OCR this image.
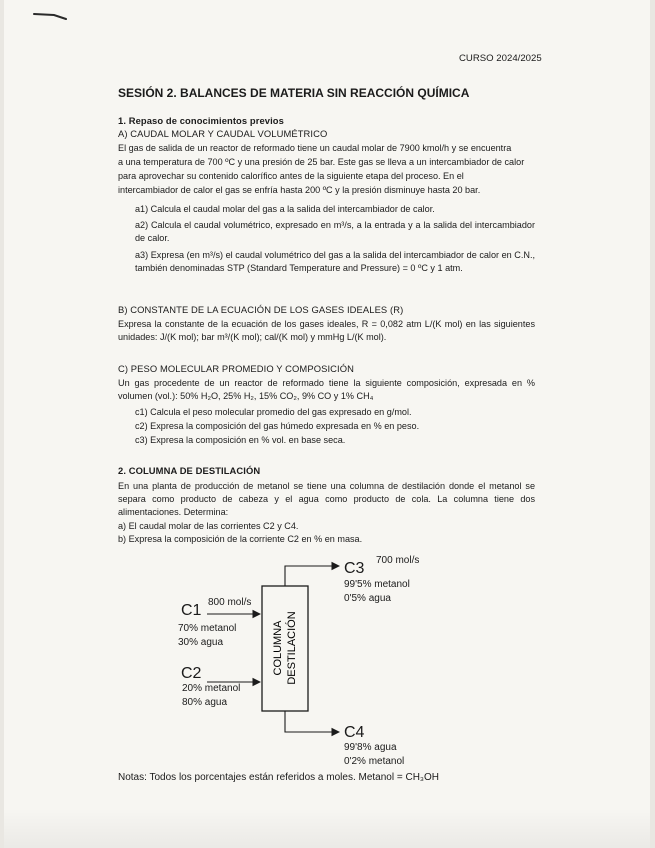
CURSO 2024/2025
SESIÓN 2. BALANCES DE MATERIA SIN REACCIÓN QUÍMICA
1. Repaso de conocimientos previos
A) CAUDAL MOLAR Y CAUDAL VOLUMÉTRICO
El gas de salida de un reactor de reformado tiene un caudal molar de 7900 kmol/h y se encuentra
a una temperatura de 700 ºC y una presión de 25 bar. Este gas se lleva a un intercambiador de calor
para aprovechar su contenido calorífico antes de la siguiente etapa del proceso. En el
intercambiador de calor el gas se enfría hasta 200 ºC y la presión disminuye hasta 20 bar.
a1) Calcula el caudal molar del gas a la salida del intercambiador de calor.
a2) Calcula el caudal volumétrico, expresado en m³/s, a la entrada y a la salida del intercambiador de calor.
a3) Expresa (en m³/s) el caudal volumétrico del gas a la salida del intercambiador de calor en C.N., también denominadas STP (Standard Temperature and Pressure) = 0 ºC y 1 atm.
B) CONSTANTE DE LA ECUACIÓN DE LOS GASES IDEALES (R)
Expresa la constante de la ecuación de los gases ideales, R = 0,082 atm L/(K mol) en las siguientes unidades: J/(K mol); bar m³/(K mol); cal/(K mol) y mmHg L/(K mol).
C) PESO MOLECULAR PROMEDIO Y COMPOSICIÓN
Un gas procedente de un reactor de reformado tiene la siguiente composición, expresada en % volumen (vol.): 50% H₂O, 25% H₂, 15% CO₂, 9% CO y 1% CH₄
c1) Calcula el peso molecular promedio del gas expresado en g/mol.
c2) Expresa la composición del gas húmedo expresada en % en peso.
c3) Expresa la composición en % vol. en base seca.
2. COLUMNA DE DESTILACIÓN
En una planta de producción de metanol se tiene una columna de destilación donde el metanol se separa como producto de cabeza y el agua como producto de cola. La columna tiene dos alimentaciones. Determina:
a) El caudal molar de las corrientes C2 y C4.
b) Expresa la composición de la corriente C2 en % en masa.
COLUMNA DESTILACIÓN
800 mol/s
C1
70% metanol
30% agua
C2
20% metanol
80% agua
700 mol/s
C3
99'5% metanol
0'5% agua
C4
99'8% agua
0'2% metanol
Notas: Todos los porcentajes están referidos a moles. Metanol = CH₃OH
